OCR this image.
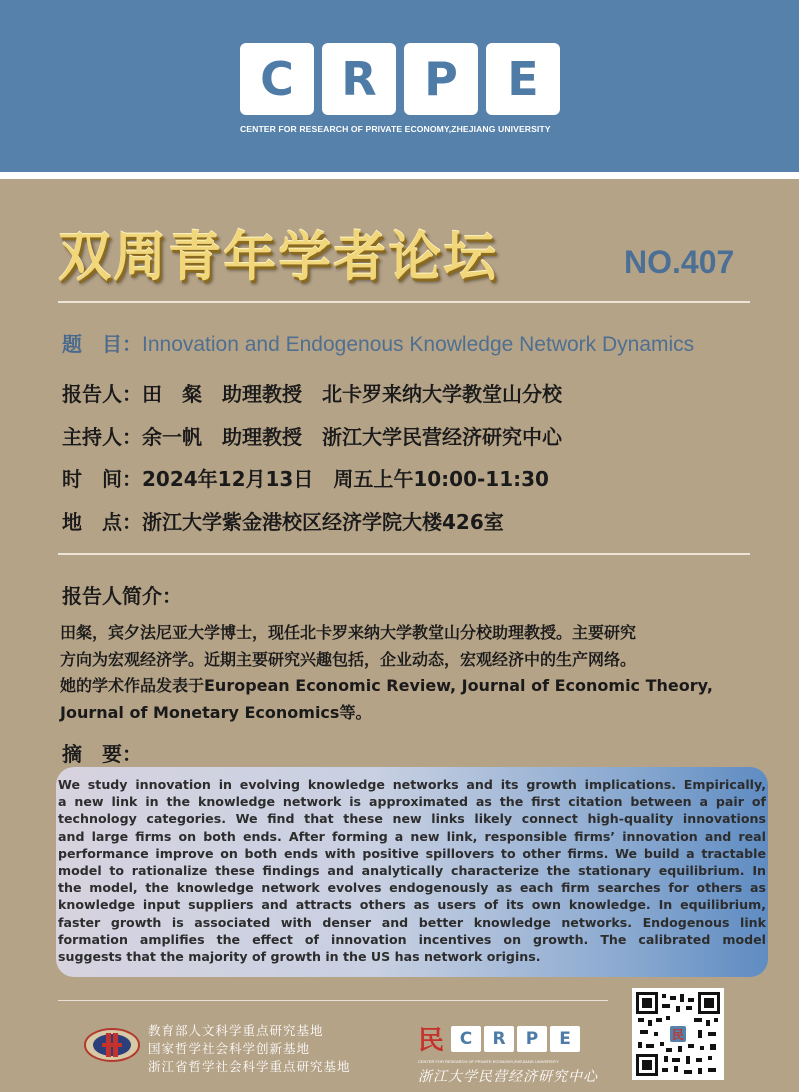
C	R	P	E
CENTER FOR RESEARCH OF PRIVATE ECONOMY,ZHEJIANG UNIVERSITY
双周青年学者论坛	NO.407
题　目：Innovation and Endogenous Knowledge Network Dynamics
报告人：田　粲　助理教授　北卡罗来纳大学教堂山分校
主持人：余一帆　助理教授　浙江大学民营经济研究中心
时　间：2024年12月13日　周五上午10:00-11:30
地　点：浙江大学紫金港校区经济学院大楼426室
报告人简介：

田粲，宾夕法尼亚大学博士，现任北卡罗来纳大学教堂山分校助理教授。主要研究

方向为宏观经济学。近期主要研究兴趣包括，企业动态，宏观经济中的生产网络。

她的学术作品发表于European Economic Review, Journal of Economic Theory,

Journal of Monetary Economics等。

摘　要：

We study innovation in evolving knowledge networks and its growth implications. Empirically,

a new link in the knowledge network is approximated as the first citation between a pair of

technology categories. We find that these new links likely connect high-quality innovations

and large firms on both ends. After forming a new link, responsible firms’ innovation and real

performance improve on both ends with positive spillovers to other firms. We build a tractable

model to rationalize these findings and analytically characterize the stationary equilibrium. In

the model, the knowledge network evolves endogenously as each firm searches for others as

knowledge input suppliers and attracts others as users of its own knowledge. In equilibrium,

faster growth is associated with denser and better knowledge networks. Endogenous link

formation amplifies the effect of innovation incentives on growth. The calibrated model

suggests that the majority of growth in the US has network origins.

教育部人文科学重点研究基地
国家哲学社会科学创新基地
浙江省哲学社会科学重点研究基地
民 C	R	P	E
CENTER FOR RESEARCH OF PRIVATE ECONOMY,ZHEJIANG UNIVERSITY
浙江大学民营经济研究中心
民
